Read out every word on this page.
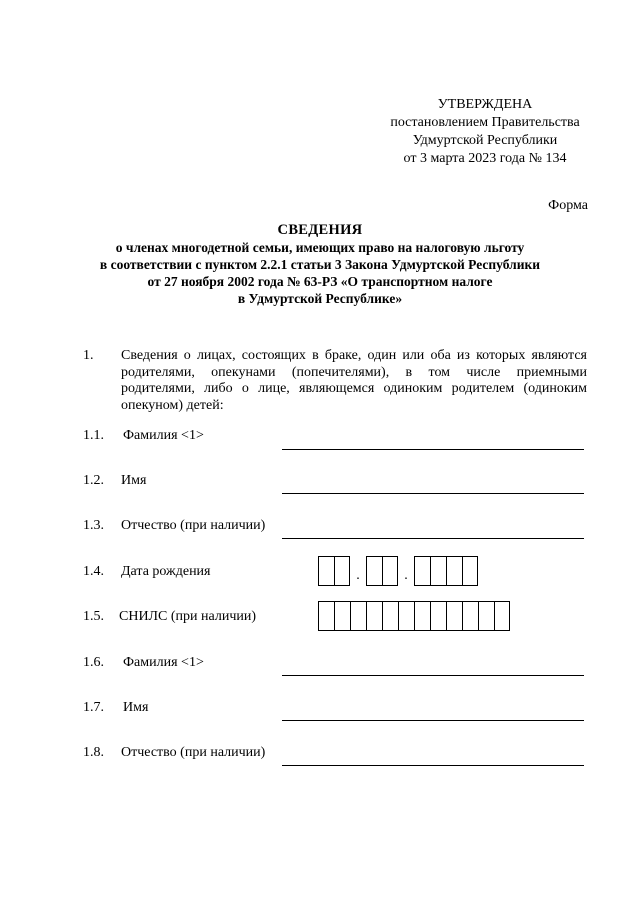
УТВЕРЖДЕНА
постановлением Правительства
Удмуртской Республики
от 3 марта 2023 года № 134
Форма
СВЕДЕНИЯ
о членах многодетной семьи, имеющих право на налоговую льготу
в соответствии с пунктом 2.2.1 статьи 3 Закона Удмуртской Республики
от 27 ноября 2002 года № 63-РЗ «О транспортном налоге
в Удмуртской Республике»
1. Сведения о лицах, состоящих в браке, один или оба из которых являются
родителями, опекунами (попечителями), в том числе приемными
родителями, либо о лице, являющемся одиноким родителем (одиноким
опекуном) детей:
1.1. Фамилия <1>
1.2. Имя
1.3. Отчество (при наличии)
1.4. Дата рождения	.	.
1.5. СНИЛС (при наличии)
1.6. Фамилия <1>
1.7. Имя
1.8. Отчество (при наличии)
